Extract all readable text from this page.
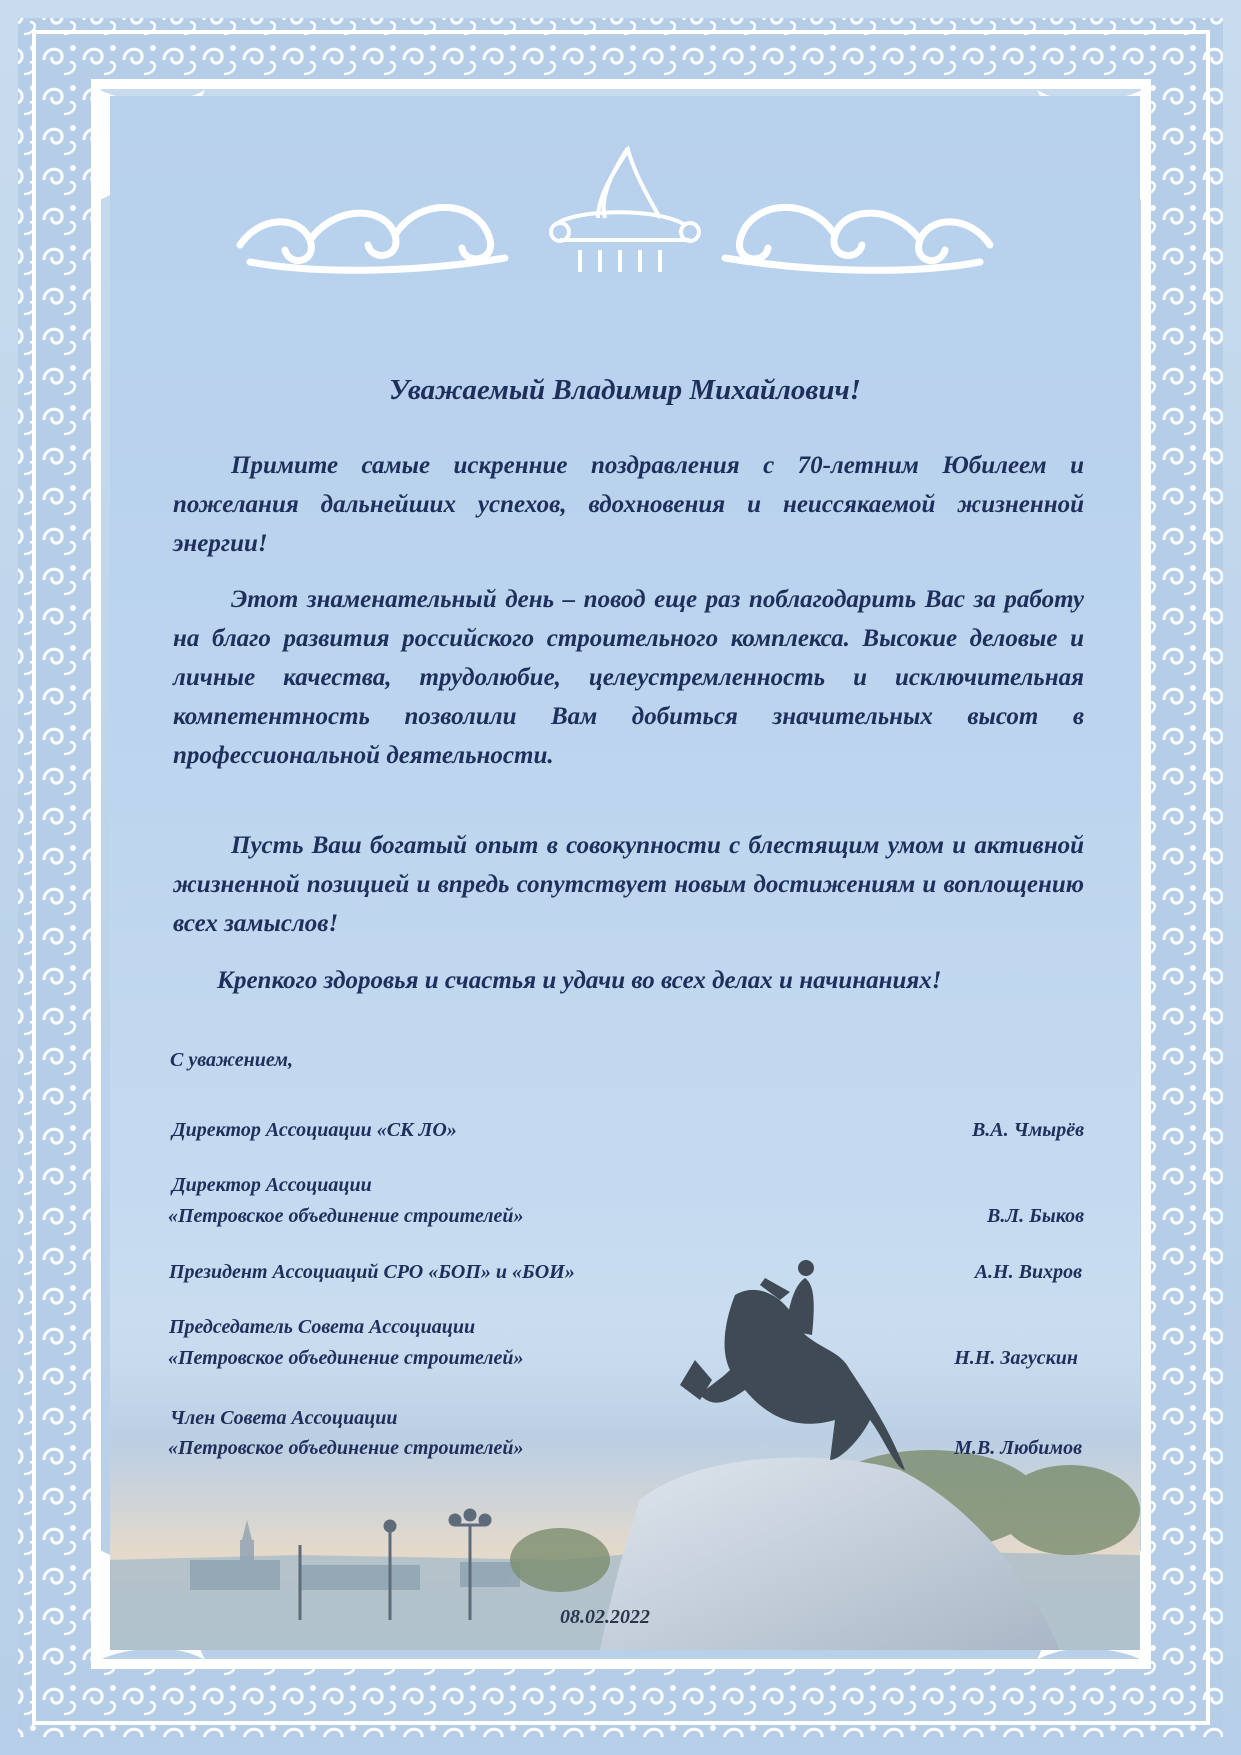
Уважаемый Владимир Михайлович!

Примите самые искренние поздравления с 70-летним Юбилеем и пожелания дальнейших успехов, вдохновения и неиссякаемой жизненной энергии!

Этот знаменательный день – повод еще раз поблагодарить Вас за работу на благо развития российского строительного комплекса. Высокие деловые и личные качества, трудолюбие, целеустремленность и исключительная компетентность позволили Вам добиться значительных высот в профессиональной деятельности.

Пусть Ваш богатый опыт в совокупности с блестящим умом и активной жизненной позицией и впредь сопутствует новым достижениям и воплощению всех замыслов!

Крепкого здоровья и счастья и удачи во всех делах и начинаниях!

С уважением,
Директор Ассоциации «СК ЛО»	В.А. Чмырёв
Директор Ассоциации
«Петровское объединение строителей»	В.Л. Быков
Президент Ассоциаций СРО «БОП» и «БОИ»	А.Н. Вихров
Председатель Совета Ассоциации
«Петровское объединение строителей»	Н.Н. Загускин
Член Совета Ассоциации
«Петровское объединение строителей»	М.В. Любимов
08.02.2022
